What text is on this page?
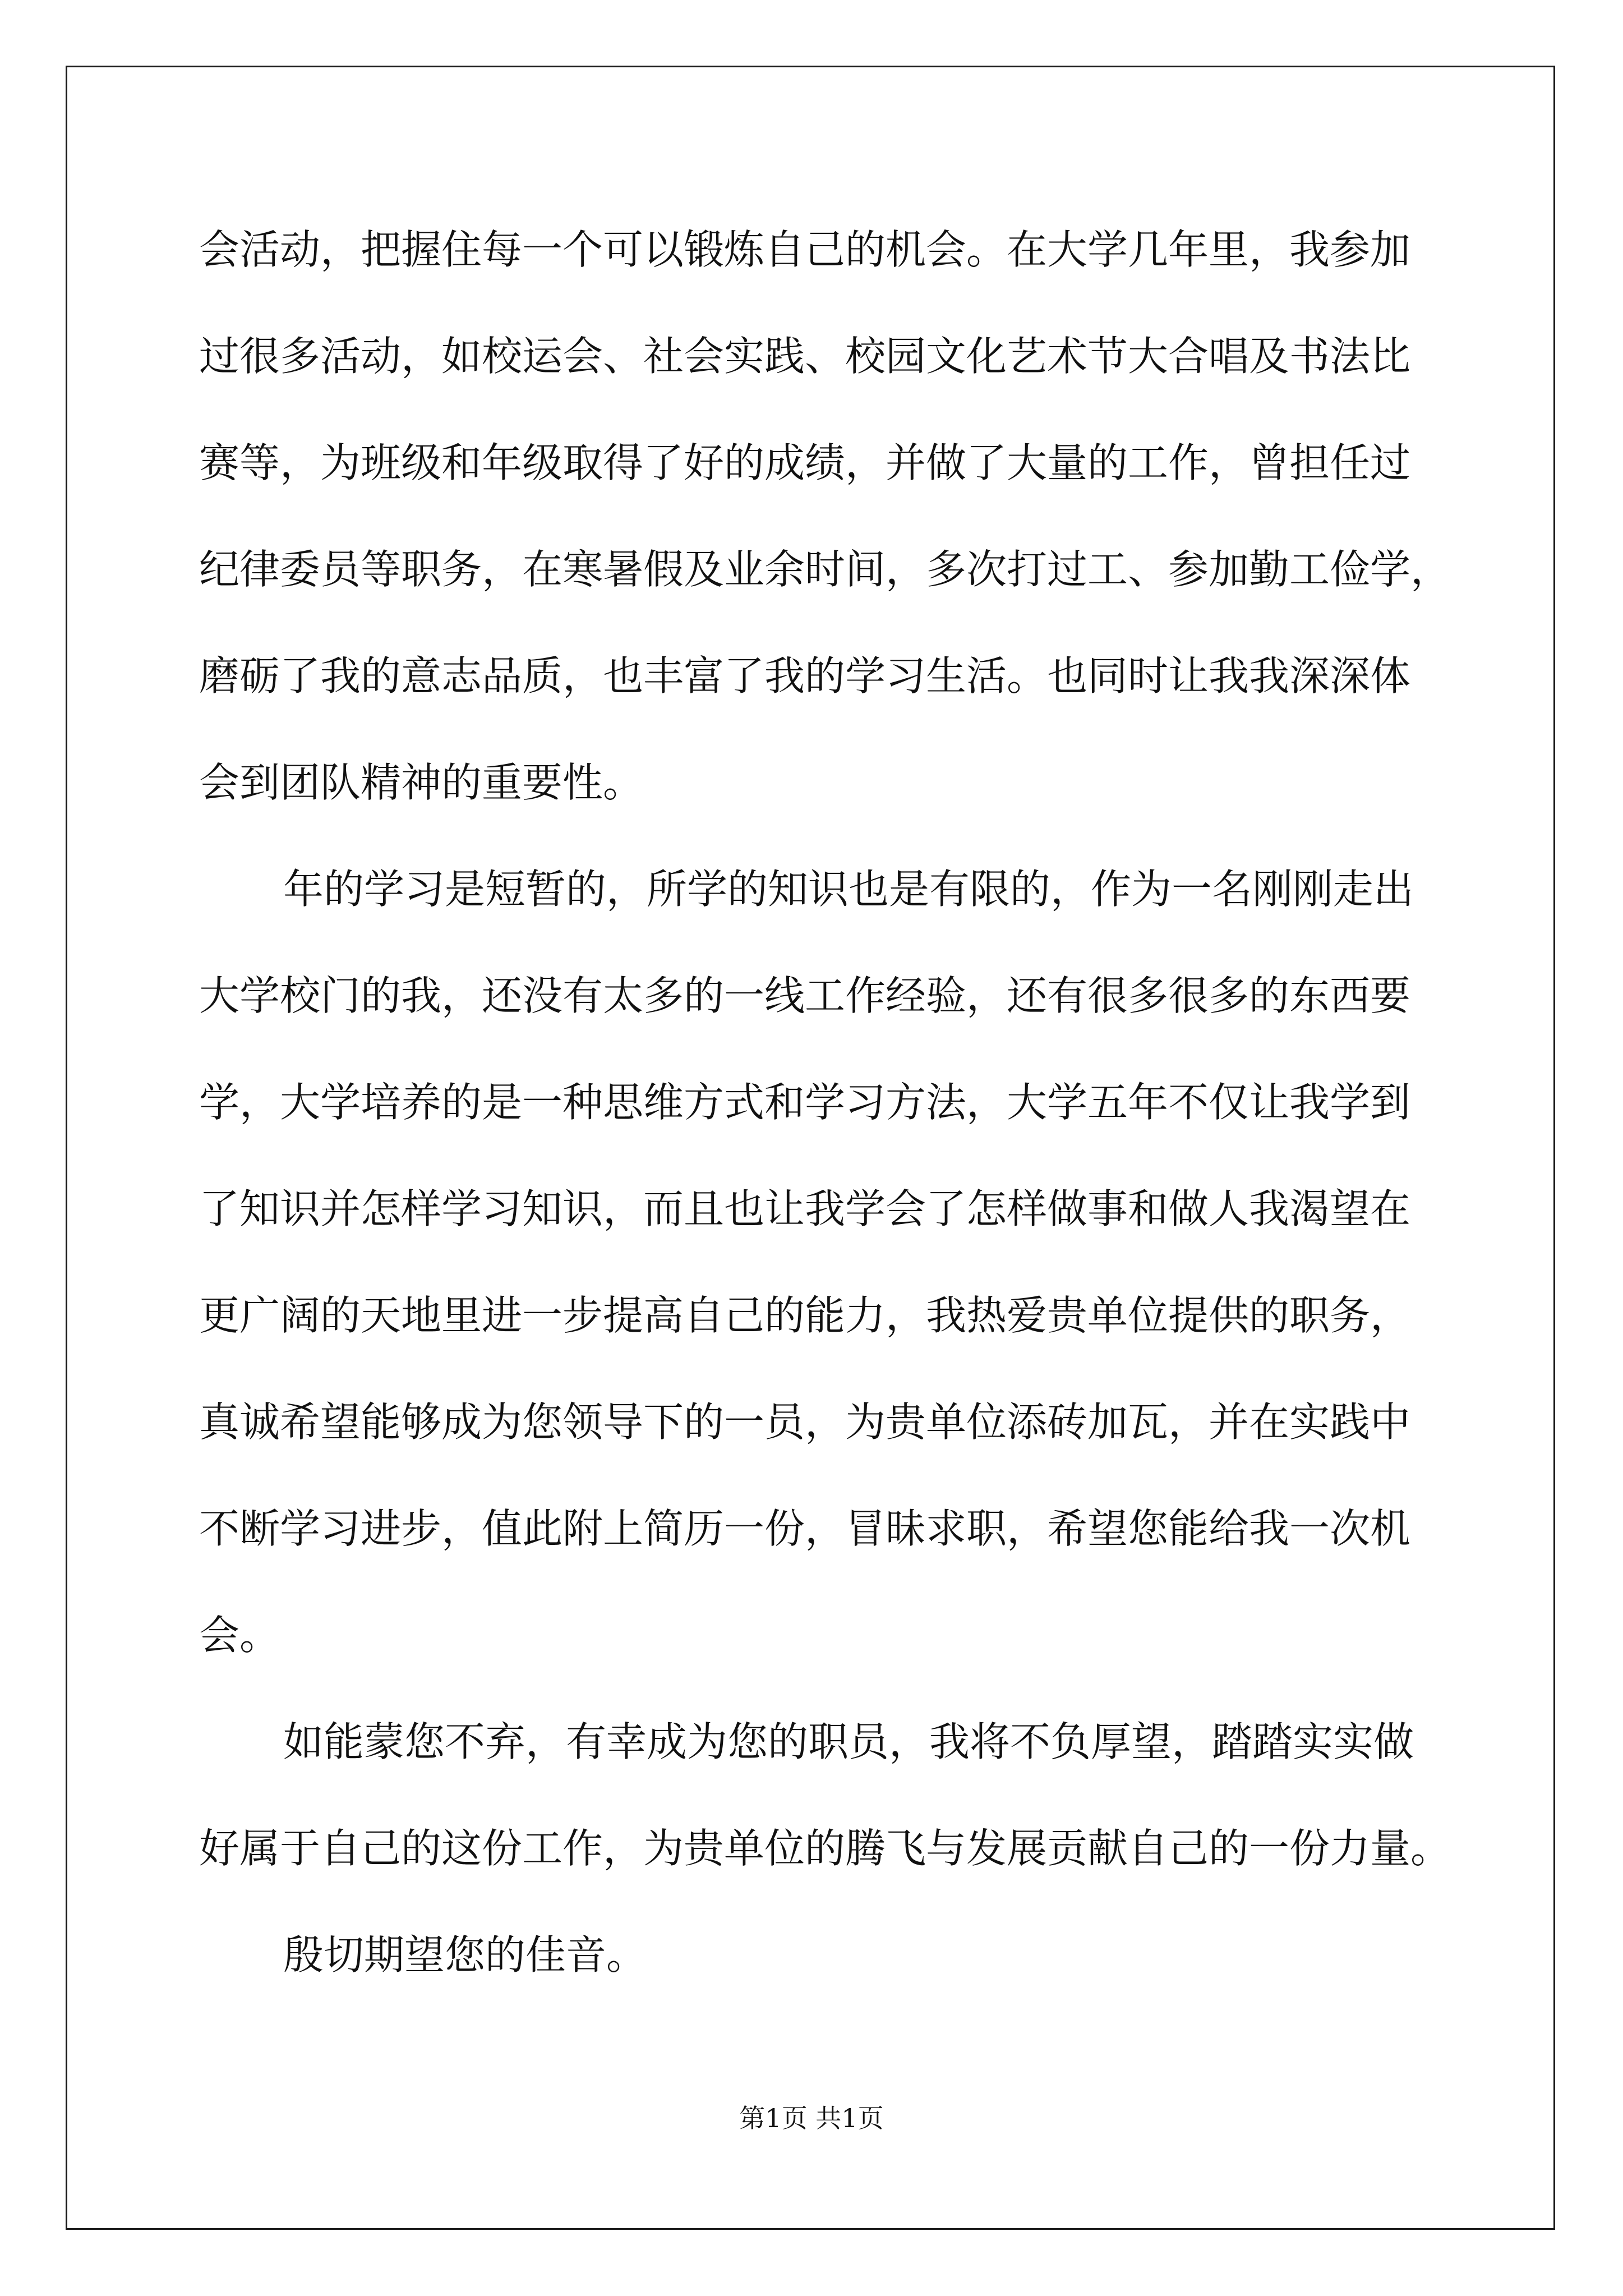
会活动，把握住每一个可以锻炼自己的机会。在大学几年里，我参加
过很多活动，如校运会、社会实践、校园文化艺术节大合唱及书法比
赛等，为班级和年级取得了好的成绩，并做了大量的工作，曾担任过
纪律委员等职务，在寒暑假及业余时间，多次打过工、参加勤工俭学，
磨砺了我的意志品质，也丰富了我的学习生活。也同时让我我深深体
会到团队精神的重要性。
年的学习是短暂的，所学的知识也是有限的，作为一名刚刚走出
大学校门的我，还没有太多的一线工作经验，还有很多很多的东西要
学，大学培养的是一种思维方式和学习方法，大学五年不仅让我学到
了知识并怎样学习知识，而且也让我学会了怎样做事和做人我渴望在
更广阔的天地里进一步提高自己的能力，我热爱贵单位提供的职务，
真诚希望能够成为您领导下的一员，为贵单位添砖加瓦，并在实践中
不断学习进步，值此附上简历一份，冒昧求职，希望您能给我一次机
会。
如能蒙您不弃，有幸成为您的职员，我将不负厚望，踏踏实实做
好属于自己的这份工作，为贵单位的腾飞与发展贡献自己的一份力量。
殷切期望您的佳音。
第1页 共1页
